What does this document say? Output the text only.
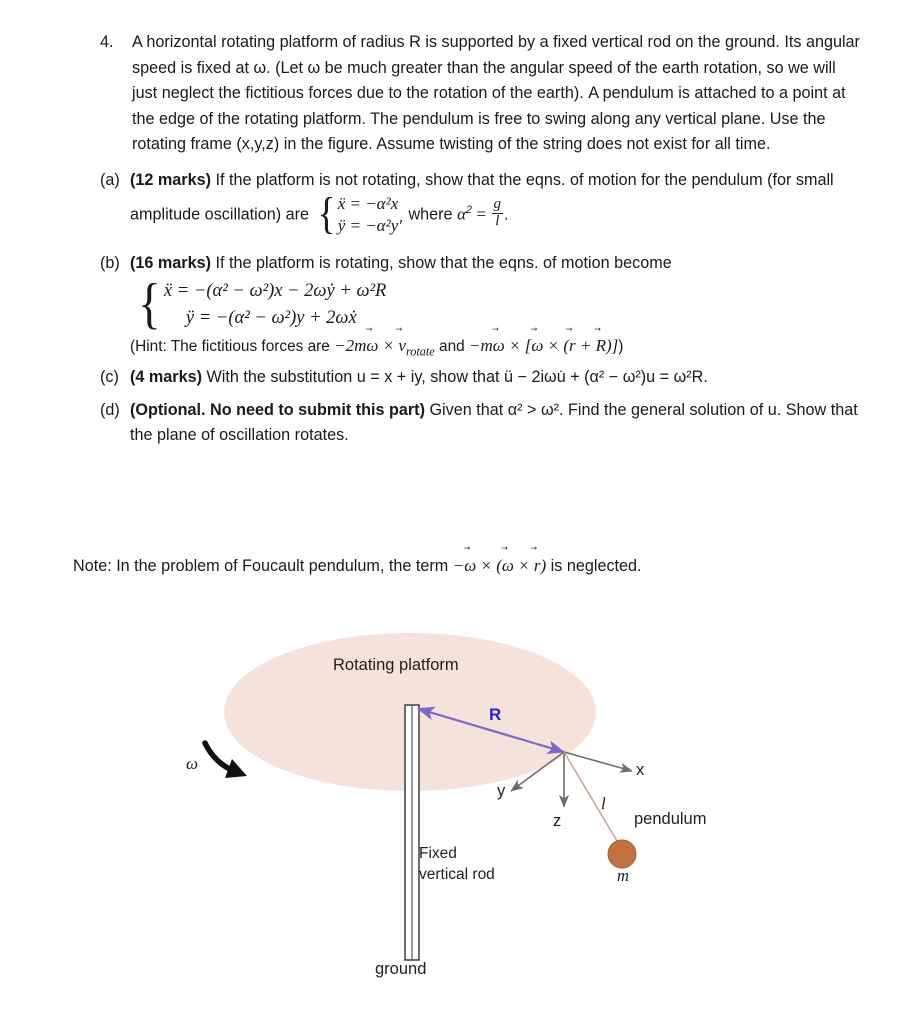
4.	A horizontal rotating platform of radius R is supported by a fixed vertical rod on the ground. Its angular speed is fixed at ω. (Let ω be much greater than the angular speed of the earth rotation, so we will just neglect the fictitious forces due to the rotation of the earth). A pendulum is attached to a point at the edge of the rotating platform. The pendulum is free to swing along any vertical plane. Use the rotating frame (x,y,z) in the figure. Assume twisting of the string does not exist for all time.
(a) (12 marks) If the platform is not rotating, show that the eqns. of motion for the pendulum (for small amplitude oscillation) are { ẍ = −α²x
ÿ = −α²y′
where $\alpha^2 = \frac{g}{l}$ .
(b) (16 marks) If the platform is rotating, show that the eqns. of motion become
{ ẍ = −(α² − ω²)x − 2ωẏ + ω²R
ÿ = −(α² − ω²)y + 2ωẋ
(Hint: The fictitious forces are −2m
ω ×
$v_{rotate}$ and −m
ω × [
ω × (
r +
R)])
(c) (4 marks) With the substitution u = x + iy, show that ü − 2iωu̇ + (α² − ω²)u = ω²R.
(d) (Optional. No need to submit this part) Given that α² > ω². Find the general solution of u. Show that the plane of oscillation rotates.
Note: In the problem of Foucault pendulum, the term −
ω × (
ω ×
r) is neglected.
Rotating platform
R
ω	x
y
z
l
pendulum
m
Fixed
vertical rod
ground
